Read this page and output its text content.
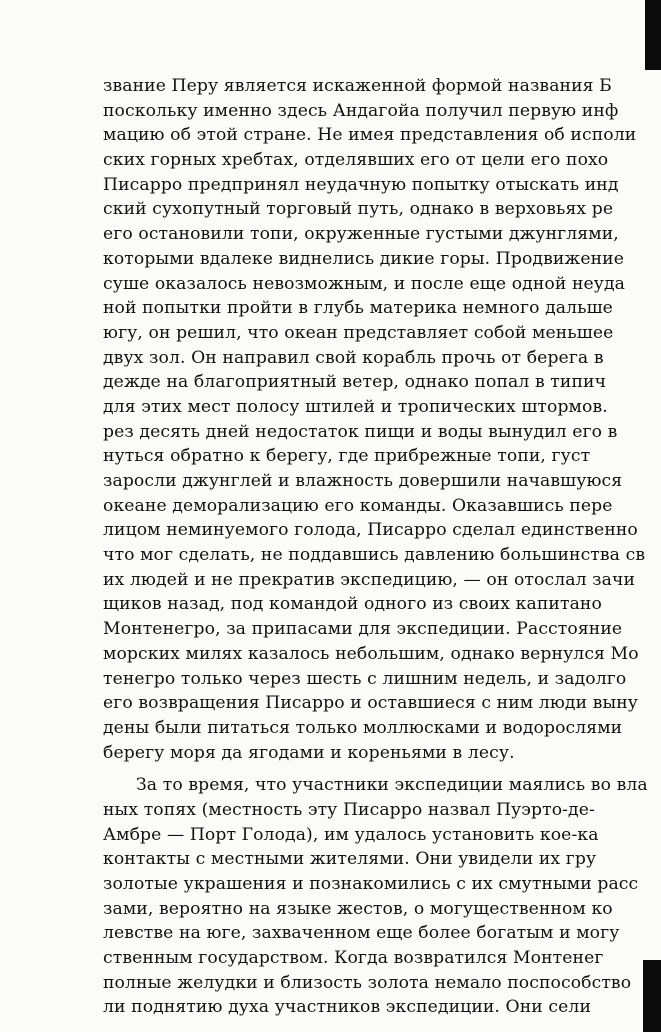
звание Перу является искаженной формой названия Б
поскольку именно здесь Андагойа получил первую инф
мацию об этой стране. Не имея представления об исполи
ских горных хребтах, отделявших его от цели его похо
Писарро предпринял неудачную попытку отыскать инд
ский сухопутный торговый путь, однако в верховьях ре
его остановили топи, окруженные густыми джунглями,
которыми вдалеке виднелись дикие горы. Продвижение
суше оказалось невозможным, и после еще одной неуда
ной попытки пройти в глубь материка немного дальше
югу, он решил, что океан представляет собой меньшее
двух зол. Он направил свой корабль прочь от берега в
дежде на благоприятный ветер, однако попал в типич
для этих мест полосу штилей и тропических штормов.
рез десять дней недостаток пищи и воды вынудил его в
нуться обратно к берегу, где прибрежные топи, густ
заросли джунглей и влажность довершили начавшуюся
океане деморализацию его команды. Оказавшись пере
лицом неминуемого голода, Писарро сделал единственно
что мог сделать, не поддавшись давлению большинства св
их людей и не прекратив экспедицию, — он отослал зачи
щиков назад, под командой одного из своих капитано
Монтенегро, за припасами для экспедиции. Расстояние
морских милях казалось небольшим, однако вернулся Мо
тенегро только через шесть с лишним недель, и задолго
его возвращения Писарро и оставшиеся с ним люди выну
дены были питаться только моллюсками и водорослями
берегу моря да ягодами и кореньями в лесу.
За то время, что участники экспедиции маялись во вла
ных топях (местность эту Писарро назвал Пуэрто-де-
Амбре — Порт Голода), им удалось установить кое-ка
контакты с местными жителями. Они увидели их гру
золотые украшения и познакомились с их смутными расс
зами, вероятно на языке жестов, о могущественном ко
левстве на юге, захваченном еще более богатым и могу
ственным государством. Когда возвратился Монтенег
полные желудки и близость золота немало поспособство
ли поднятию духа участников экспедиции. Они сели
